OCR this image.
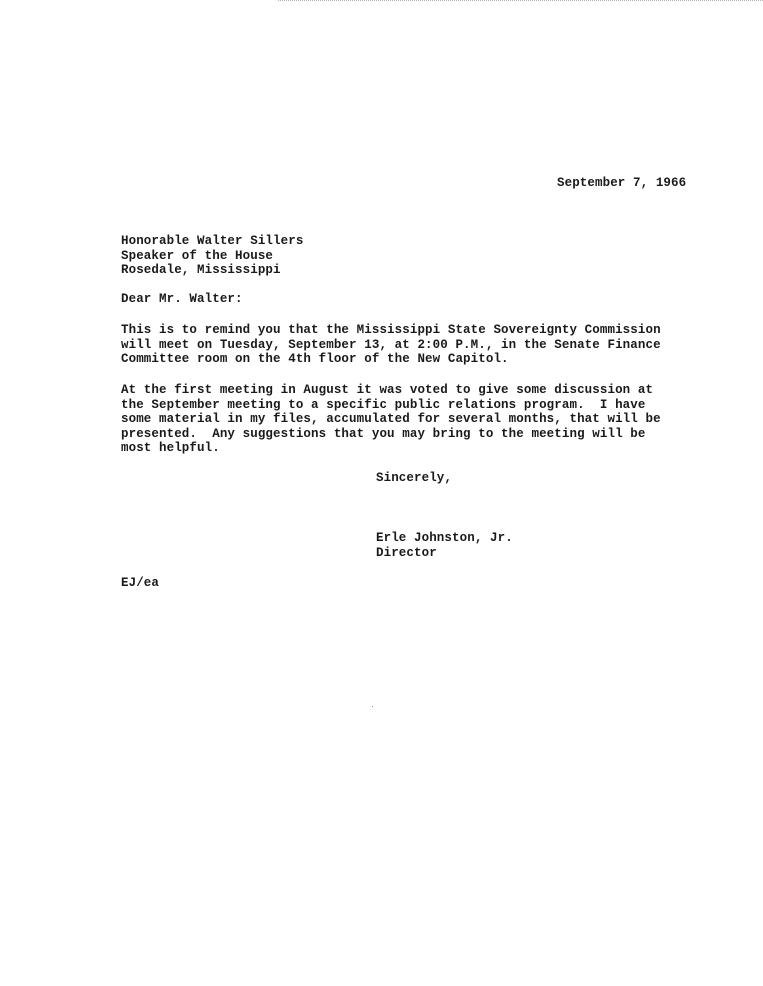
September 7, 1966
Honorable Walter Sillers
Speaker of the House
Rosedale, Mississippi
Dear Mr. Walter:
This is to remind you that the Mississippi State Sovereignty Commission
will meet on Tuesday, September 13, at 2:00 P.M., in the Senate Finance
Committee room on the 4th floor of the New Capitol.
At the first meeting in August it was voted to give some discussion at
the September meeting to a specific public relations program.  I have
some material in my files, accumulated for several months, that will be
presented.  Any suggestions that you may bring to the meeting will be
most helpful.
Sincerely,
Erle Johnston, Jr.
Director
EJ/ea
